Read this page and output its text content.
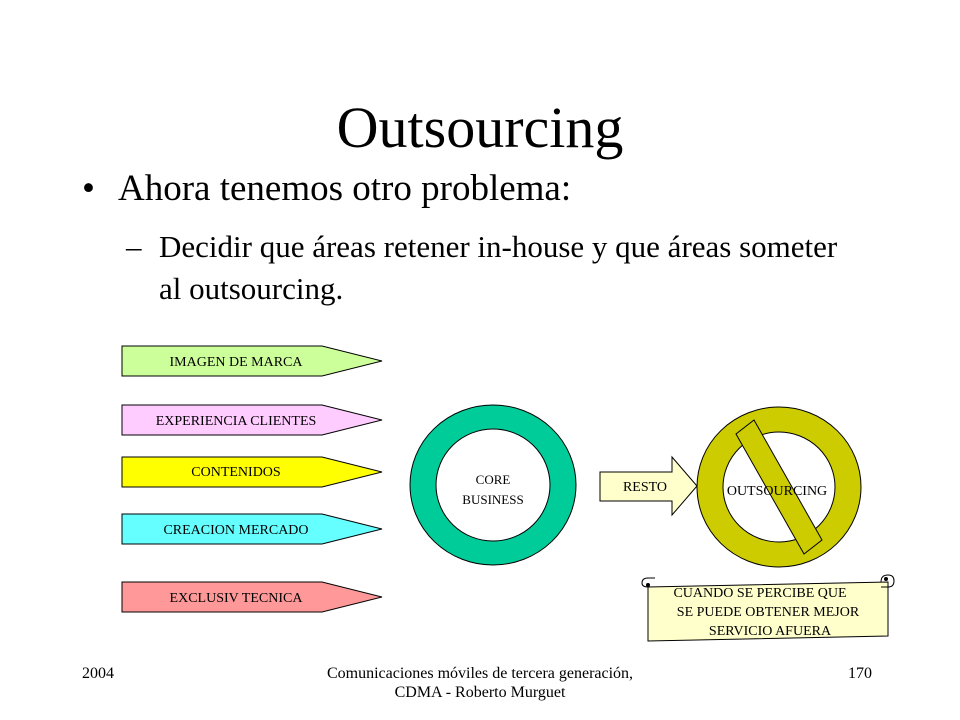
Outsourcing
• Ahora tenemos otro problema:
– Decidir que áreas retener in-house y que áreas someter al outsourcing.
IMAGEN DE MARCA
EXPERIENCIA CLIENTES
CONTENIDOS
CREACION MERCADO
EXCLUSIV TECNICA
CORE
BUSINESS
RESTO	OUTSOURCING
CUANDO SE PERCIBE QUE
SE PUEDE OBTENER MEJOR
SERVICIO AFUERA
2004	Comunicaciones móviles de tercera generación, CDMA - Roberto Murguet
170
